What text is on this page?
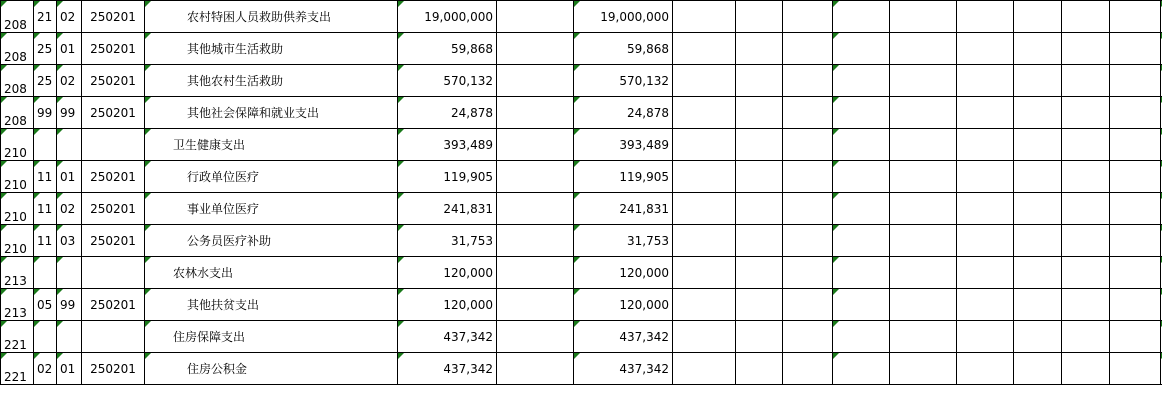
208	21	02	250201	农村特困人员救助供养支出	19,000,000		19,000,000											
208	25	01	250201	其他城市生活救助	59,868		59,868											
208	25	02	250201	其他农村生活救助	570,132		570,132											
208	99	99	250201	其他社会保障和就业支出	24,878		24,878											
210				卫生健康支出	393,489		393,489											
210	11	01	250201	行政单位医疗	119,905		119,905											
210	11	02	250201	事业单位医疗	241,831		241,831											
210	11	03	250201	公务员医疗补助	31,753		31,753											
213				农林水支出	120,000		120,000											
213	05	99	250201	其他扶贫支出	120,000		120,000											
221				住房保障支出	437,342		437,342											
221	02	01	250201	住房公积金	437,342		437,342											
